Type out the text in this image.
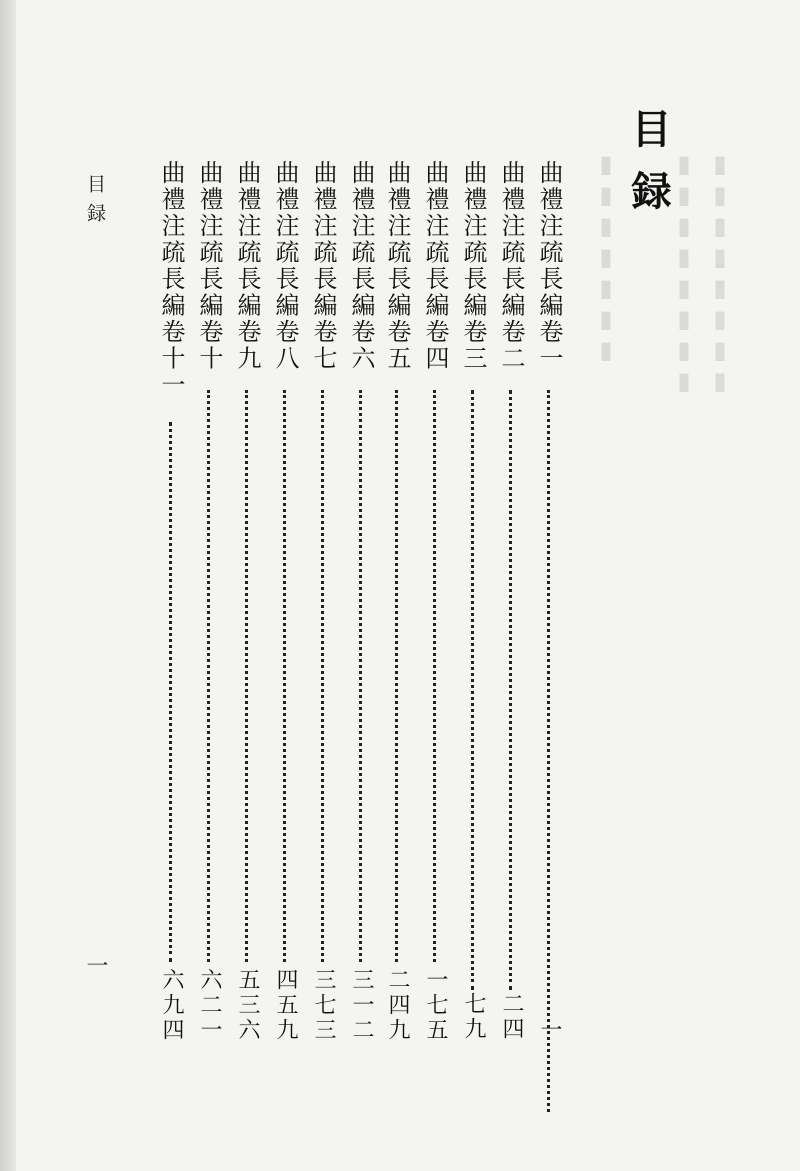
▮▮▮▮▮▮▮▮
▮▮▮▮▮▮▮▮
▮▮▮▮▮▮▮ 目録
目録
一
曲禮注疏長編卷一
一
曲禮注疏長編卷二
二四
曲禮注疏長編卷三
七九
曲禮注疏長編卷四
一七五
曲禮注疏長編卷五
二四九
曲禮注疏長編卷六
三一二
曲禮注疏長編卷七
三七三
曲禮注疏長編卷八
四五九
曲禮注疏長編卷九
五三六
曲禮注疏長編卷十
六二一
曲禮注疏長編卷十一
六九四
